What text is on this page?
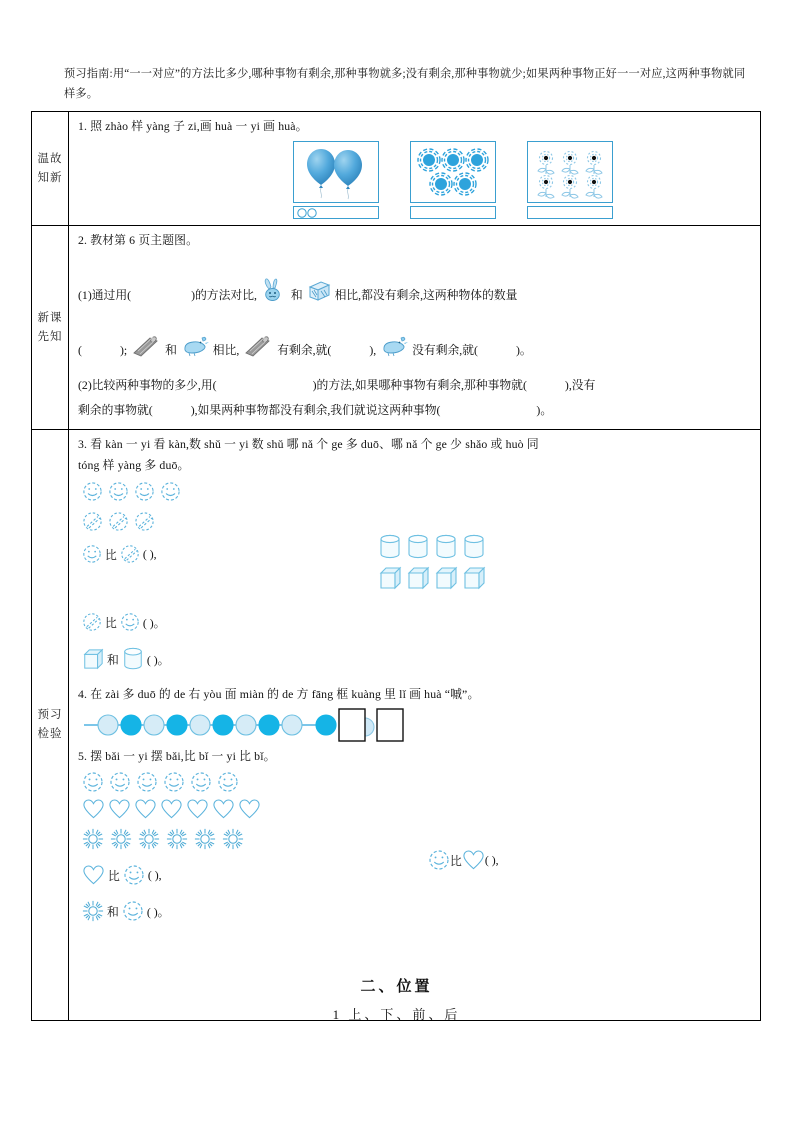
预习指南:用“一一对应”的方法比多少,哪种事物有剩余,那种事物就多;没有剩余,那种事物就少;如果两种事物正好一一对应,这两种事物就同样多。
温故
知新
1. 照 zhào 样 yàng 子 zi,画 huà 一 yi 画 huà。
新课
先知
2. 教材第 6 页主题图。
(1)通过用(	)的方法对比,	和	相比,都没有剩余,这两种物体的数量
(	);	和	相比,	有剩余,就(	),	没有剩余,就(	)。
(2)比较两种事物的多少,用(	)的方法,如果哪种事物有剩余,那种事物就(	),没有
剩余的事物就(	),如果两种事物都没有剩余,我们就说这两种事物(	)。
预习
检验
3. 看 kàn 一 yi 看 kàn,数 shǔ 一 yi 数 shǔ 哪 nǎ 个 ge 多 duō、哪 nǎ 个 ge 少 shǎo 或 huò 同
tóng 样 yàng 多 duō。
比 ( ),
比 ( )。
和 ( )。
4. 在 zài 多 duō 的 de 右 yòu 面 miàn 的 de 方 fāng 框 kuàng 里 lǐ 画 huà “嘁”。
5. 摆 bǎi 一 yi 摆 bǎi,比 bǐ 一 yi 比 bǐ。
比 ( ),
比 ( ),
和 ( )。
二、位置
1 上、下、前、后
